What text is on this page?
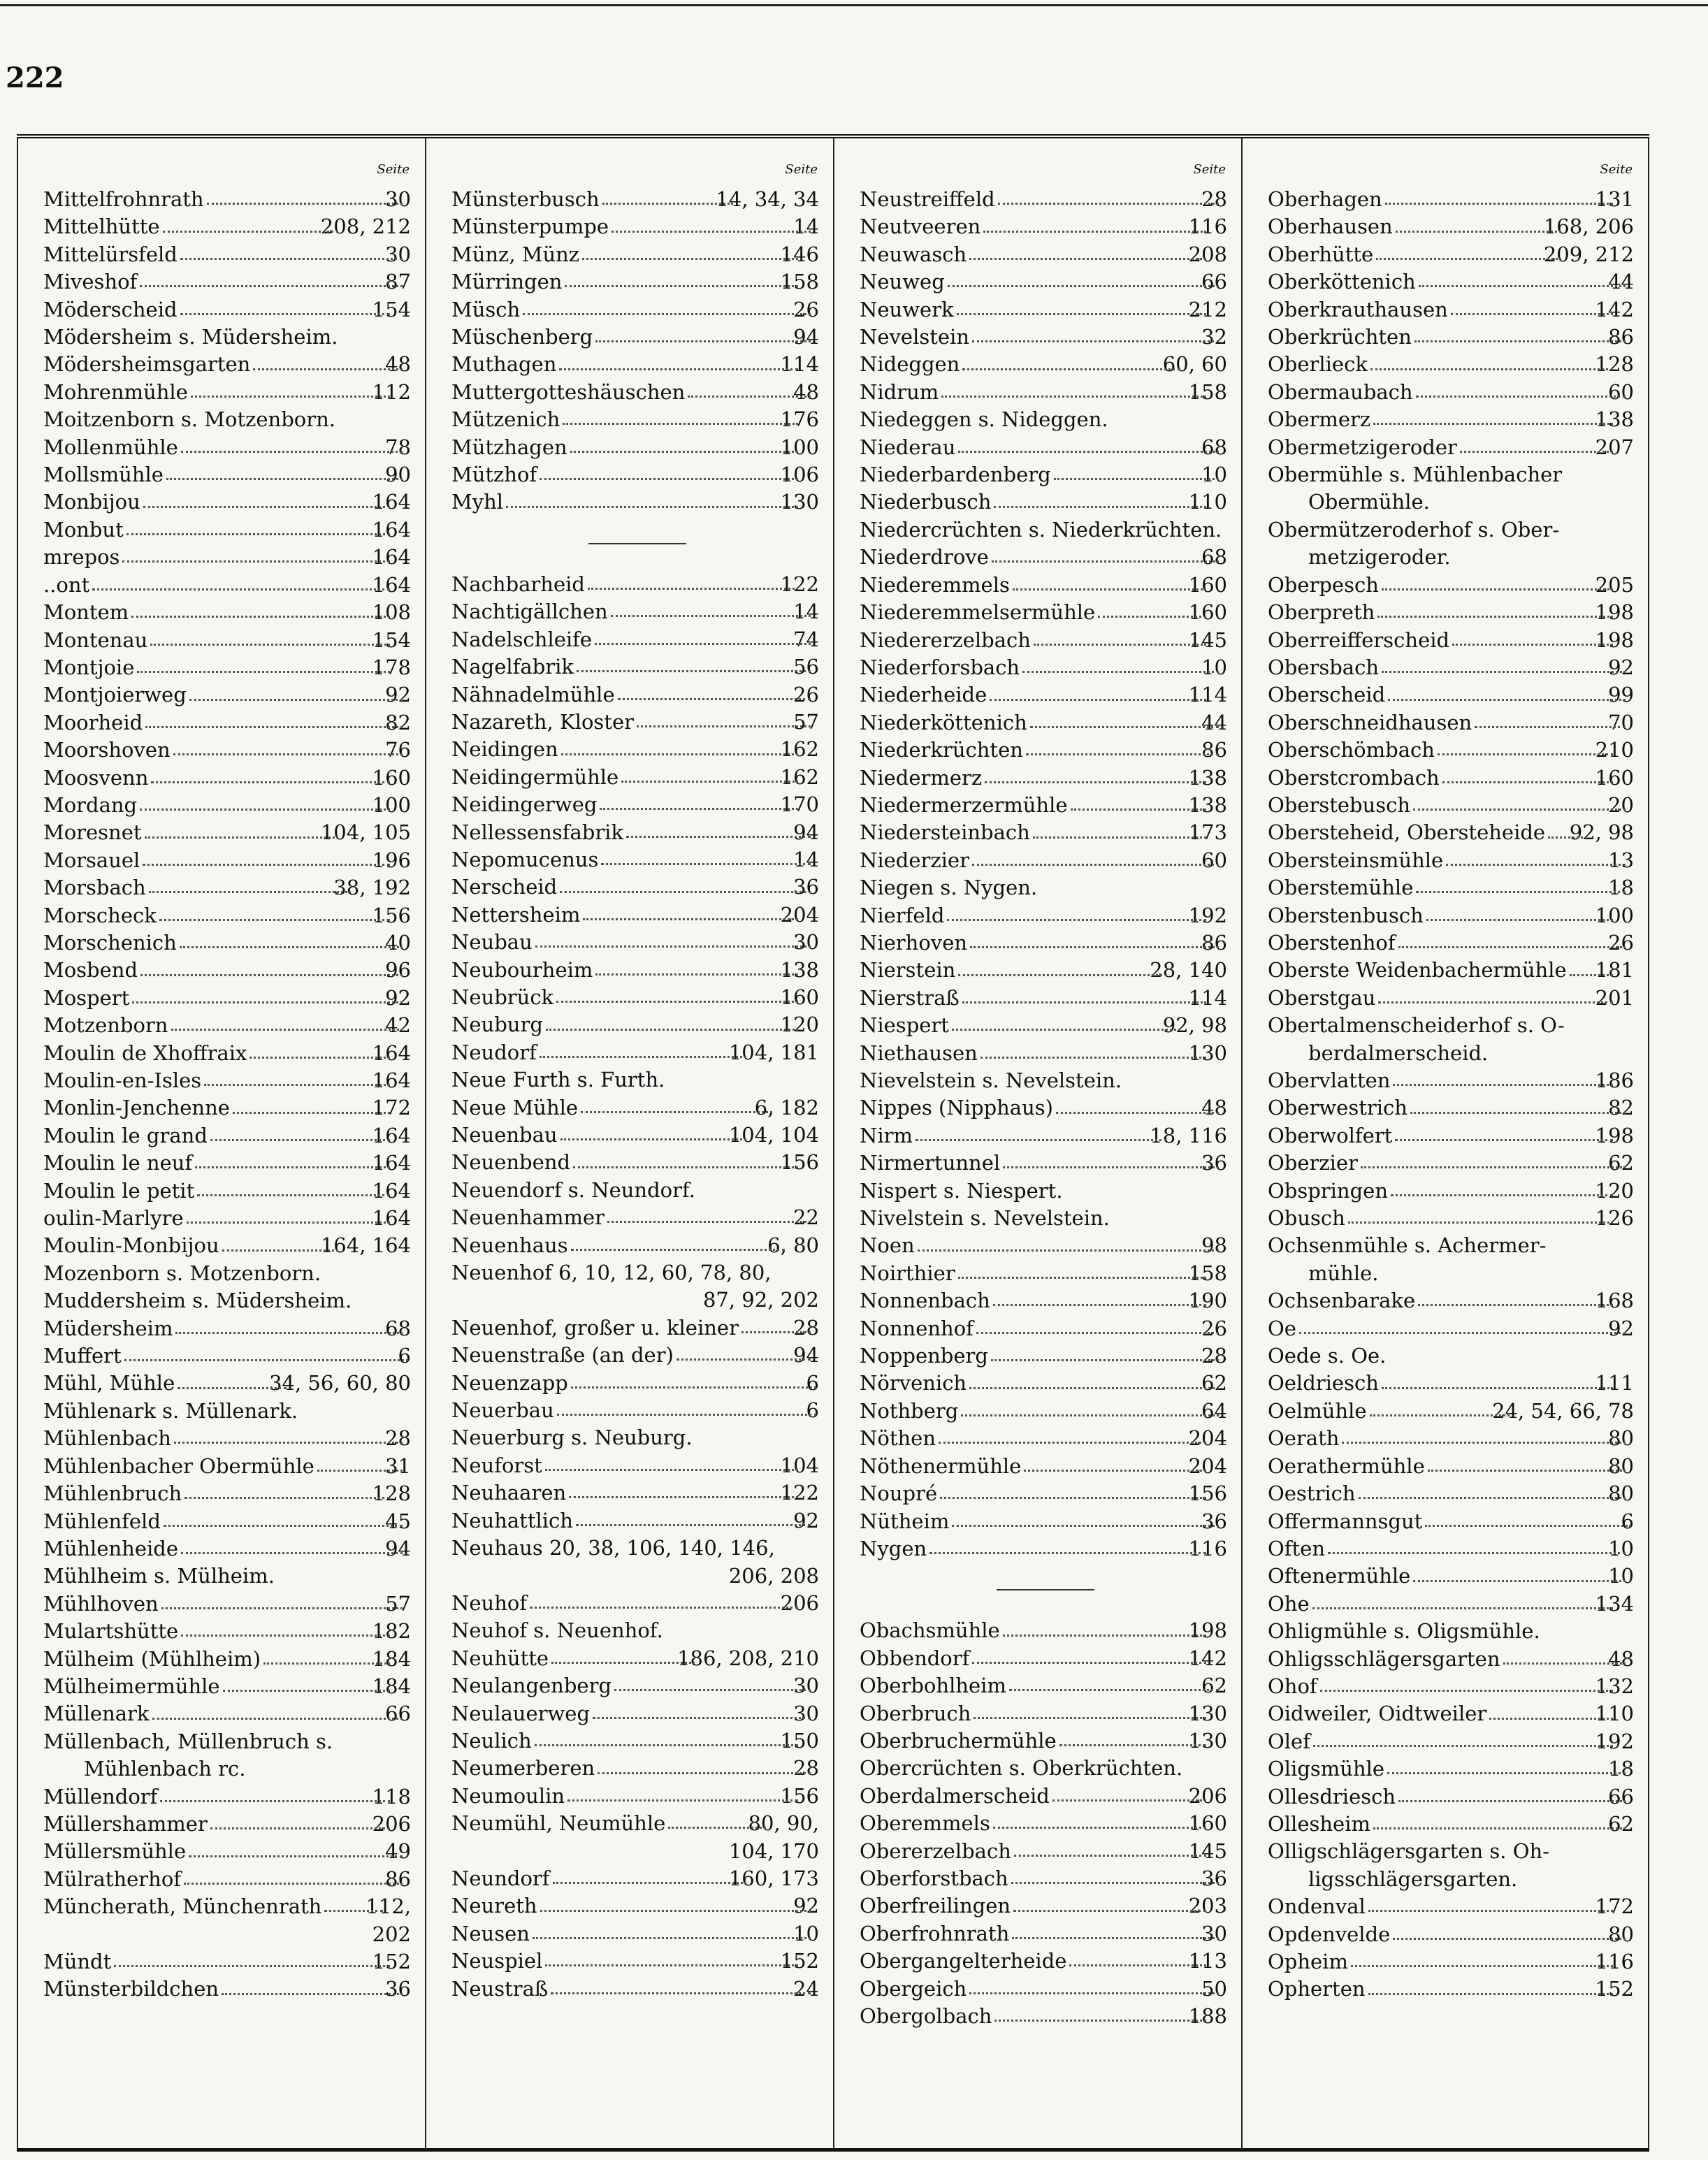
222
Seite
Mittelfrohnrath	30
Mittelhütte	208, 212
Mittelürsfeld	30
Miveshof	87
Möderscheid	154
Mödersheim s. Müdersheim.
Mödersheimsgarten	48
Mohrenmühle	112
Moitzenborn s. Motzenborn.
Mollenmühle	78
Mollsmühle	90
Monbijou	164
Monbut	164
mrepos	164
..ont	164
Montem	108
Montenau	154
Montjoie	178
Montjoierweg	92
Moorheid	82
Moorshoven	76
Moosvenn	160
Mordang	100
Moresnet	104, 105
Morsauel	196
Morsbach	38, 192
Morscheck	156
Morschenich	40
Mosbend	96
Mospert	92
Motzenborn	42
Moulin de Xhoffraix	164
Moulin-en-Isles	164
Monlin-Jenchenne	172
Moulin le grand	164
Moulin le neuf	164
Moulin le petit	164
oulin-Marlyre	164
Moulin-Monbijou	164, 164
Mozenborn s. Motzenborn.
Muddersheim s. Müdersheim.
Müdersheim	68
Muffert	6
Mühl, Mühle	34, 56, 60, 80
Mühlenark s. Müllenark.
Mühlenbach	28
Mühlenbacher Obermühle	31
Mühlenbruch	128
Mühlenfeld	45
Mühlenheide	94
Mühlheim s. Mülheim.
Mühlhoven	57
Mulartshütte	182
Mülheim (Mühlheim)	184
Mülheimermühle	184
Müllenark	66
Müllenbach, Müllenbruch s.
Mühlenbach rc.
Müllendorf	118
Müllershammer	206
Müllersmühle	49
Mülratherhof	86
Müncherath, Münchenrath 112,
202
Mündt	152
Münsterbildchen	36
Seite
Münsterbusch	14, 34, 34
Münsterpumpe	14
Münz, Münz	146
Mürringen	158
Müsch	26
Müschenberg	94
Muthagen	114
Muttergotteshäuschen	48
Mützenich	176
Mützhagen	100
Mützhof	106
Myhl	130
Nachbarheid	122
Nachtigällchen	14
Nadelschleife	74
Nagelfabrik	56
Nähnadelmühle	26
Nazareth, Kloster	57
Neidingen	162
Neidingermühle	162
Neidingerweg	170
Nellessensfabrik	94
Nepomucenus	14
Nerscheid	36
Nettersheim	204
Neubau	30
Neubourheim	138
Neubrück	160
Neuburg	120
Neudorf	104, 181
Neue Furth s. Furth.
Neue Mühle	6, 182
Neuenbau	104, 104
Neuenbend	156
Neuendorf s. Neundorf.
Neuenhammer	22
Neuenhaus	6, 80
Neuenhof 6, 10, 12, 60, 78, 80,
87, 92, 202
Neuenhof, großer u. kleiner	28
Neuenstraße (an der)	94
Neuenzapp	6
Neuerbau	6
Neuerburg s. Neuburg.
Neuforst	104
Neuhaaren	122
Neuhattlich	92
Neuhaus 20, 38, 106, 140, 146,
206, 208
Neuhof	206
Neuhof s. Neuenhof.
Neuhütte	186, 208, 210
Neulangenberg	30
Neulauerweg	30
Neulich	150
Neumerberen	28
Neumoulin	156
Neumühl, Neumühle	80, 90,
104, 170
Neundorf	160, 173
Neureth	92
Neusen	10
Neuspiel	152
Neustraß	24
Seite
Neustreiffeld	28
Neutveeren	116
Neuwasch	208
Neuweg	66
Neuwerk	212
Nevelstein	32
Nideggen	60, 60
Nidrum	158
Niedeggen s. Nideggen.
Niederau	68
Niederbardenberg	10
Niederbusch	110
Niedercrüchten s. Niederkrüchten.
Niederdrove	68
Niederemmels	160
Niederemmelsermühle	160
Niedererzelbach	145
Niederforsbach	10
Niederheide	114
Niederköttenich	44
Niederkrüchten	86
Niedermerz	138
Niedermerzermühle	138
Niedersteinbach	173
Niederzier	60
Niegen s. Nygen.
Nierfeld	192
Nierhoven	86
Nierstein	28, 140
Nierstraß	114
Niespert	92, 98
Niethausen	130
Nievelstein s. Nevelstein.
Nippes (Nipphaus)	48
Nirm	18, 116
Nirmertunnel	36
Nispert s. Niespert.
Nivelstein s. Nevelstein.
Noen	98
Noirthier	158
Nonnenbach	190
Nonnenhof	26
Noppenberg	28
Nörvenich	62
Nothberg	64
Nöthen	204
Nöthenermühle	204
Noupré	156
Nütheim	36
Nygen	116
Obachsmühle	198
Obbendorf	142
Oberbohlheim	62
Oberbruch	130
Oberbruchermühle	130
Obercrüchten s. Oberkrüchten.
Oberdalmerscheid	206
Oberemmels	160
Obererzelbach	145
Oberforstbach	36
Oberfreilingen	203
Oberfrohnrath	30
Obergangelterheide	113
Obergeich	50
Obergolbach	188
Seite
Oberhagen	131
Oberhausen	168, 206
Oberhütte	209, 212
Oberköttenich	44
Oberkrauthausen	142
Oberkrüchten	86
Oberlieck	128
Obermaubach	60
Obermerz	138
Obermetzigeroder	207
Obermühle s. Mühlenbacher
Obermühle.
Obermützeroderhof s. Ober-
metzigeroder.
Oberpesch	205
Oberpreth	198
Oberreifferscheid	198
Obersbach	92
Oberscheid	99
Oberschneidhausen	70
Oberschömbach	210
Oberstcrombach	160
Oberstebusch	20
Obersteheid, Obersteheide 92, 98
Obersteinsmühle	13
Oberstemühle	18
Oberstenbusch	100
Oberstenhof	26
Oberste Weidenbachermühle 181
Oberstgau	201
Obertalmenscheiderhof s. O-
berdalmerscheid.
Obervlatten	186
Oberwestrich	82
Oberwolfert	198
Oberzier	62
Obspringen	120
Obusch	126
Ochsenmühle s. Achermer-
mühle.
Ochsenbarake	168
Oe	92
Oede s. Oe.
Oeldriesch	111
Oelmühle	24, 54, 66, 78
Oerath	80
Oerathermühle	80
Oestrich	80
Offermannsgut	6
Often	10
Oftenermühle	10
Ohe	134
Ohligmühle s. Oligsmühle.
Ohligsschlägersgarten	48
Ohof	132
Oidweiler, Oidtweiler	110
Olef	192
Oligsmühle	18
Ollesdriesch	66
Ollesheim	62
Olligschlägersgarten s. Oh-
ligsschlägersgarten.
Ondenval	172
Opdenvelde	80
Opheim	116
Opherten	152
